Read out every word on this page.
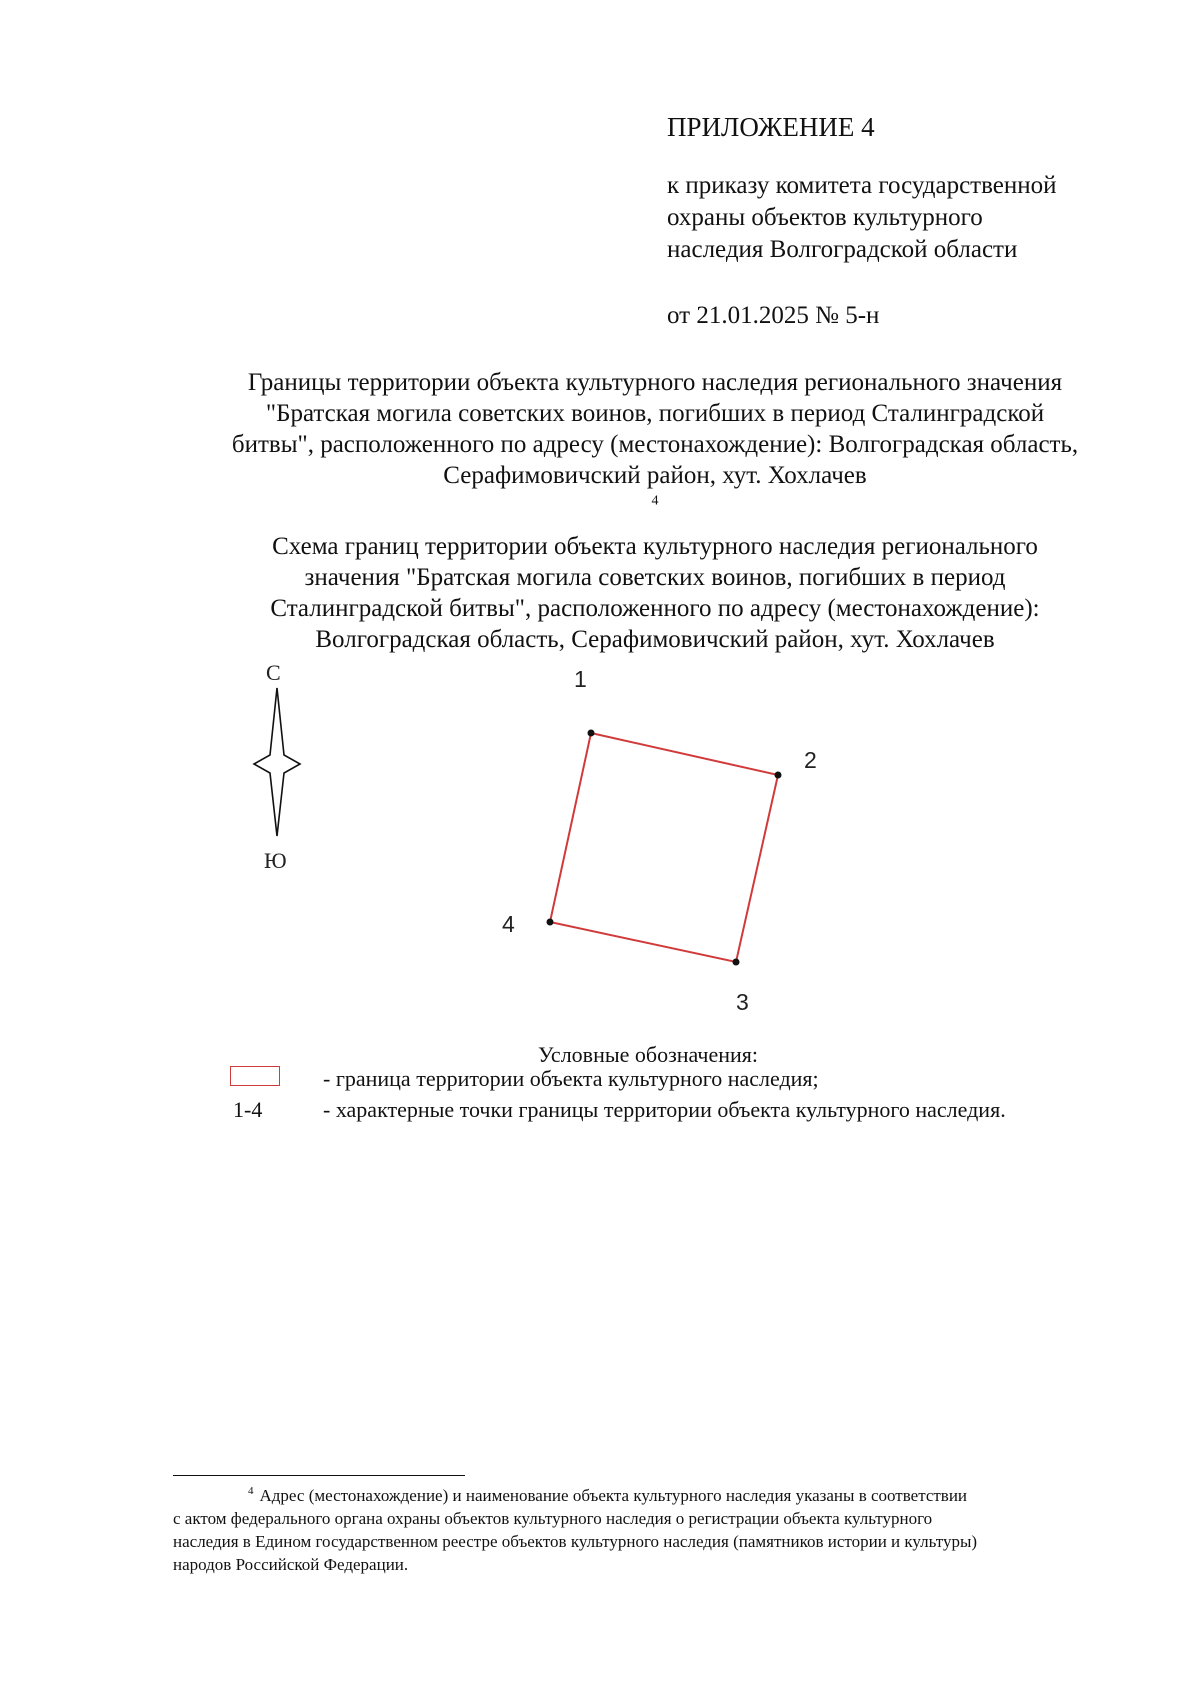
ПРИЛОЖЕНИЕ 4
к приказу комитета государственной
охраны объектов культурного
наследия Волгоградской области
от 21.01.2025 № 5-н
Границы территории объекта культурного наследия регионального значения
"Братская могила советских воинов, погибших в период Сталинградской
битвы", расположенного по адресу (местонахождение): Волгоградская область,
Серафимовичский район, хут. Хохлачев
$^4$
Схема границ территории объекта культурного наследия регионального
значения "Братская могила советских воинов, погибших в период
Сталинградской битвы", расположенного по адресу (местонахождение):
Волгоградская область, Серафимовичский район, хут. Хохлачев
С
Ю
1
2
3
4
Условные обозначения:
1-4
- граница территории объекта культурного наследия;
- характерные точки границы территории объекта культурного наследия.
$^4$ Адрес (местонахождение) и наименование объекта культурного наследия указаны в соответствии
с актом федерального органа охраны объектов культурного наследия о регистрации объекта культурного
наследия в Едином государственном реестре объектов культурного наследия (памятников истории и культуры)
народов Российской Федерации.
